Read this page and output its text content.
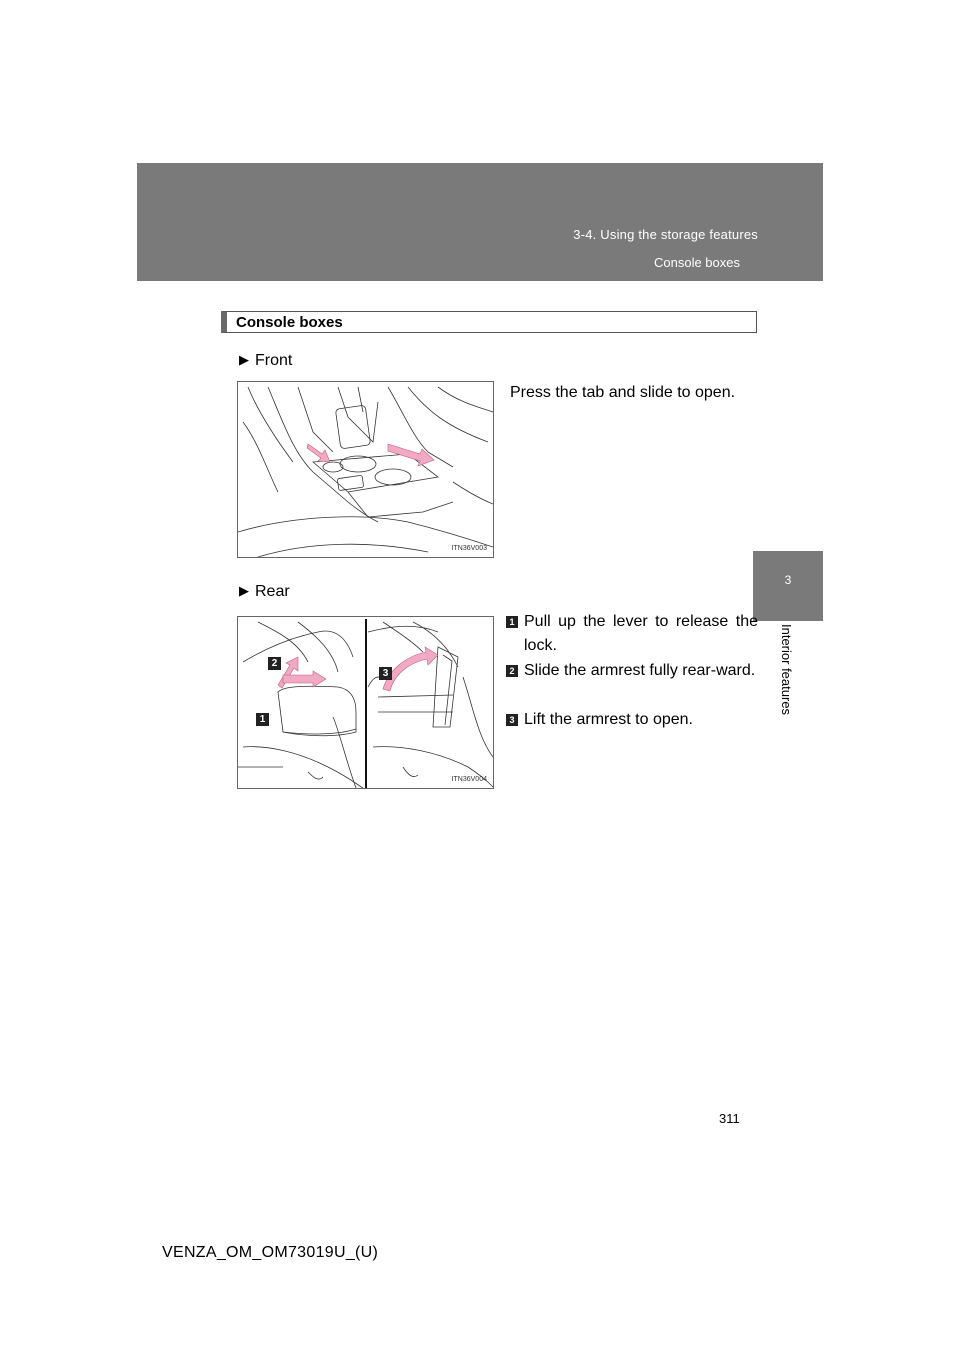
3-4. Using the storage features
Console boxes
3
Interior features
Console boxes
▶ Front
ITN36V003
Press the tab and slide to open.
▶ Rear
1
2
3
ITN36V004
1 Pull up the lever to release the lock.
2 Slide the armrest fully rear-ward.
3 Lift the armrest to open.
311
VENZA_OM_OM73019U_(U)
